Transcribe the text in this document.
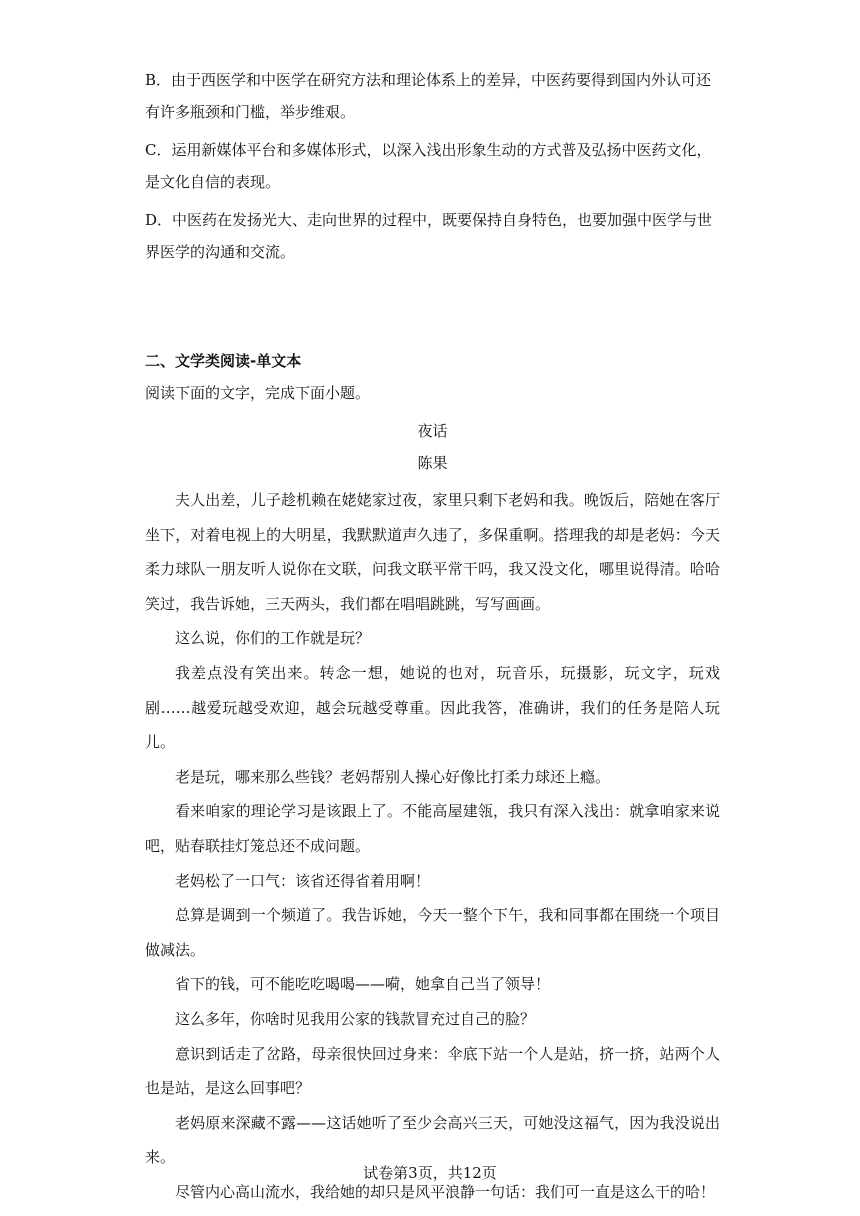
B．由于西医学和中医学在研究方法和理论体系上的差异，中医药要得到国内外认可还有许多瓶颈和门槛，举步维艰。
C．运用新媒体平台和多媒体形式，以深入浅出形象生动的方式普及弘扬中医药文化，是文化自信的表现。
D．中医药在发扬光大、走向世界的过程中，既要保持自身特色，也要加强中医学与世界医学的沟通和交流。
二、文学类阅读-单文本
阅读下面的文字，完成下面小题。
夜话
陈果

夫人出差，儿子趁机赖在姥姥家过夜，家里只剩下老妈和我。晚饭后，陪她在客厅坐下，对着电视上的大明星，我默默道声久违了，多保重啊。搭理我的却是老妈：今天柔力球队一朋友听人说你在文联，问我文联平常干吗，我又没文化，哪里说得清。哈哈笑过，我告诉她，三天两头，我们都在唱唱跳跳，写写画画。

这么说，你们的工作就是玩？

我差点没有笑出来。转念一想，她说的也对，玩音乐，玩摄影，玩文字，玩戏剧……越爱玩越受欢迎，越会玩越受尊重。因此我答，准确讲，我们的任务是陪人玩儿。

老是玩，哪来那么些钱？老妈帮别人操心好像比打柔力球还上瘾。

看来咱家的理论学习是该跟上了。不能高屋建瓴，我只有深入浅出：就拿咱家来说吧，贴春联挂灯笼总还不成问题。

老妈松了一口气：该省还得省着用啊！

总算是调到一个频道了。我告诉她，今天一整个下午，我和同事都在围绕一个项目做减法。

省下的钱，可不能吃吃喝喝——嗬，她拿自己当了领导！

这么多年，你啥时见我用公家的钱款冒充过自己的脸？

意识到话走了岔路，母亲很快回过身来：伞底下站一个人是站，挤一挤，站两个人也是站，是这么回事吧？

老妈原来深藏不露——这话她听了至少会高兴三天，可她没这福气，因为我没说出来。

尽管内心高山流水，我给她的却只是风平浪静一句话：我们可一直是这么干的哈！

试卷第3页，共12页
